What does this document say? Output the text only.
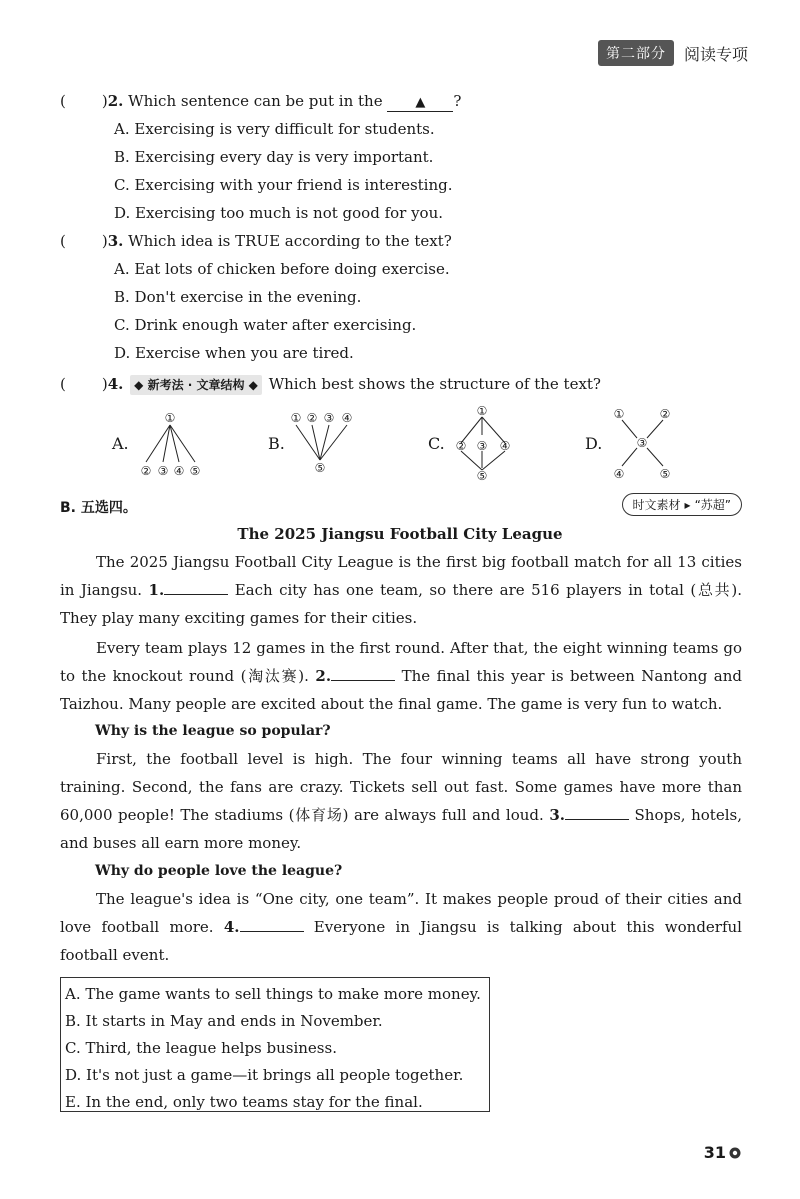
第二部分	阅读专项
( )2. Which sentence can be put in the	▲ ?
A. Exercising is very difficult for students.
B. Exercising every day is very important.
C. Exercising with your friend is interesting.
D. Exercising too much is not good for you.
( )3. Which idea is TRUE according to the text?
A. Eat lots of chicken before doing exercise.
B. Don't exercise in the evening.
C. Drink enough water after exercising.
D. Exercise when you are tired.
( )4. ◆ 新考法 · 文章结构 ◆ Which best shows the structure of the text?
A.	B.	C.	D.
①
② ③ ④ ⑤
① ② ③ ④
⑤
①
② ③ ④
⑤
①	②
③
④	⑤
B. 五选四。	时文素材 ▸ “苏超”
The 2025 Jiangsu Football City League
The 2025 Jiangsu Football City League is the first big football match for all 13 cities in Jiangsu. 1.	Each city has one team, so there are 516 players in total (总共). They play many exciting games for their cities.
Every team plays 12 games in the first round. After that, the eight winning teams go to the knockout round (淘汰赛). 2.	The final this year is between Nantong and Taizhou. Many people are excited about the final game. The game is very fun to watch.
Why is the league so popular?
First, the football level is high. The four winning teams all have strong youth training. Second, the fans are crazy. Tickets sell out fast. Some games have more than 60,000 people! The stadiums (体育场) are always full and loud. 3.	Shops, hotels, and buses all earn more money.
Why do people love the league?
The league's idea is “One city, one team”. It makes people proud of their cities and love football more. 4.	Everyone in Jiangsu is talking about this wonderful football event.
A. The game wants to sell things to make more money.
B. It starts in May and ends in November.
C. Third, the league helps business.
D. It's not just a game—it brings all people together.
E. In the end, only two teams stay for the final.
31
